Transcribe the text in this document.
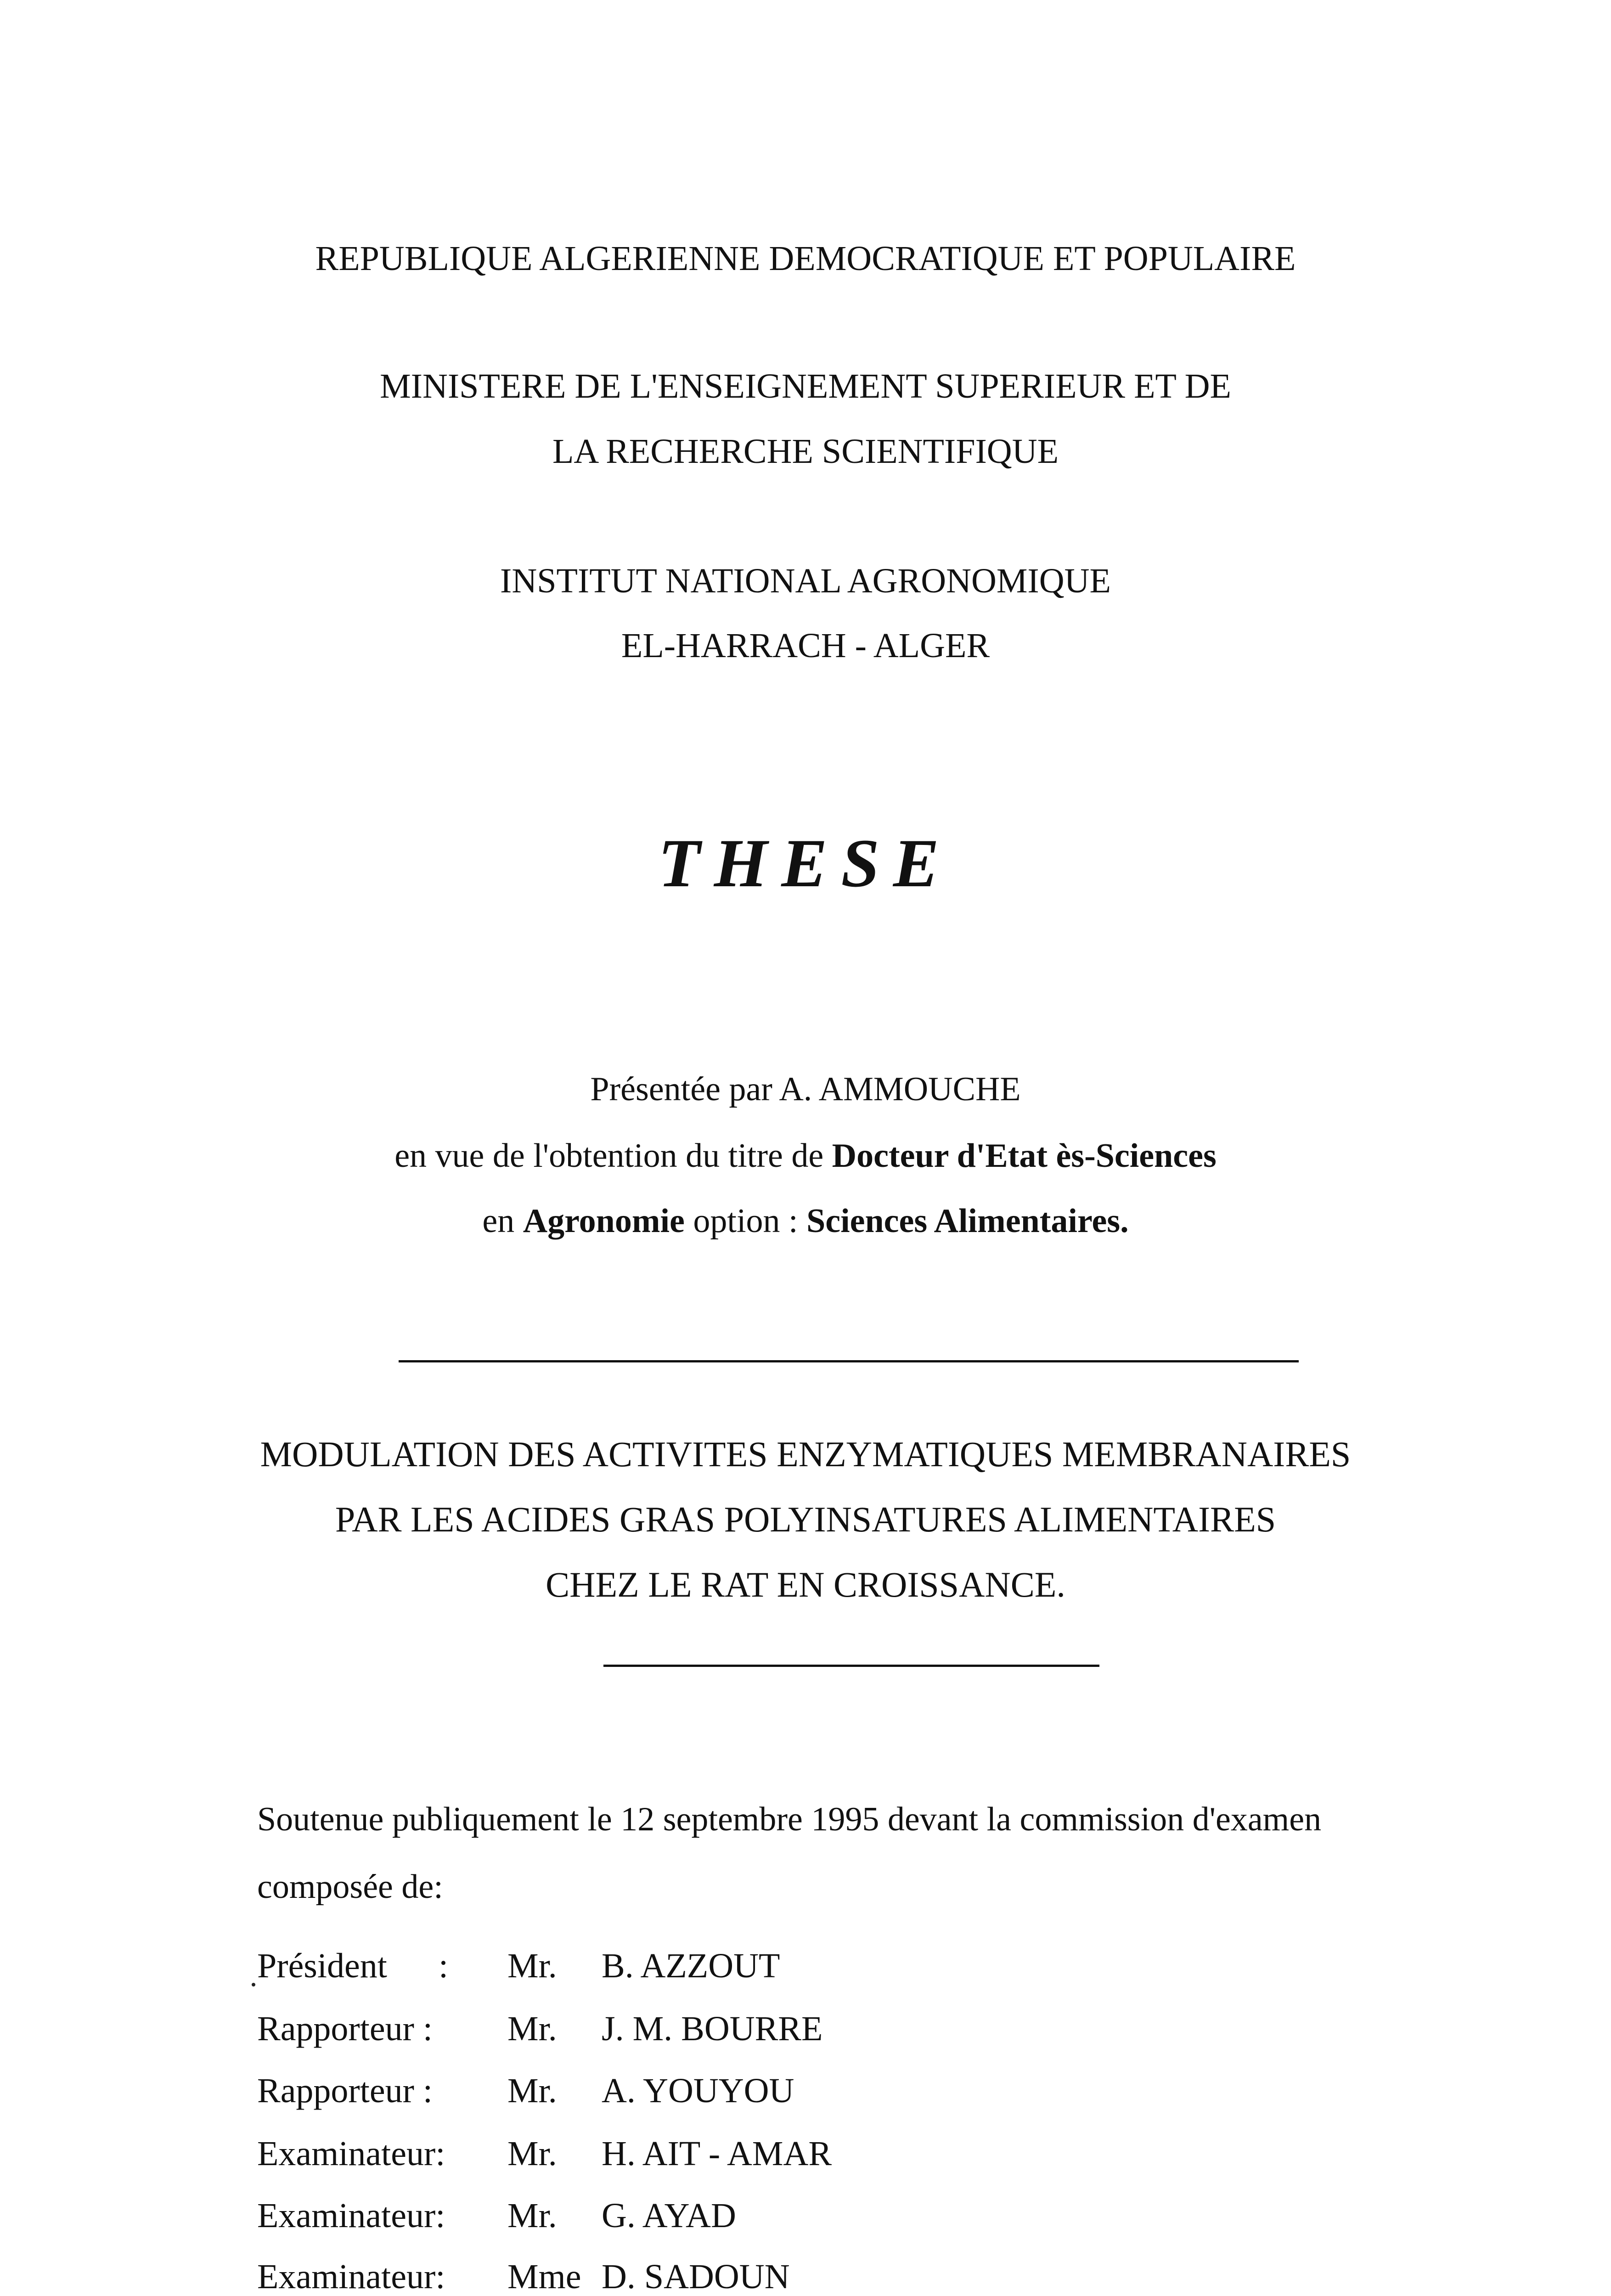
REPUBLIQUE ALGERIENNE DEMOCRATIQUE ET POPULAIRE
MINISTERE DE L'ENSEIGNEMENT SUPERIEUR ET DE
LA RECHERCHE SCIENTIFIQUE
INSTITUT NATIONAL AGRONOMIQUE
EL-HARRACH - ALGER
THESE
Présentée par A. AMMOUCHE
en vue de l'obtention du titre de Docteur d'Etat ès-Sciences
en Agronomie option : Sciences Alimentaires.
MODULATION DES ACTIVITES ENZYMATIQUES MEMBRANAIRES
PAR LES ACIDES GRAS POLYINSATURES ALIMENTAIRES
CHEZ LE RAT EN CROISSANCE.
Soutenue publiquement le 12 septembre 1995 devant la commission d'examen
composée de:
Président : Mr. B. AZZOUT
Rapporteur : Mr. J. M. BOURRE
Rapporteur : Mr. A. YOUYOU
Examinateur: Mr. H. AIT - AMAR
Examinateur: Mr. G. AYAD
Examinateur: Mme D. SADOUN
